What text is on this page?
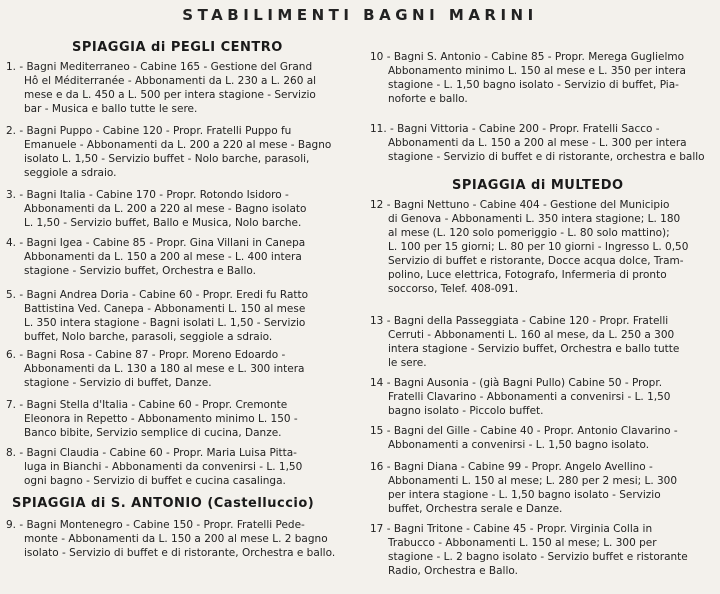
STABILIMENTI BAGNI MARINI
SPIAGGIA di PEGLI CENTRO
1. - Bagni Mediterraneo - Cabine 165 - Gestione del Grand
Hô el Méditerranée - Abbonamenti da L. 230 a L. 260 al
mese e da L. 450 a L. 500 per intera stagione - Servizio
bar - Musica e ballo tutte le sere.
2. - Bagni Puppo - Cabine 120 - Propr. Fratelli Puppo fu
Emanuele - Abbonamenti da L. 200 a 220 al mese - Bagno
isolato L. 1,50 - Servizio buffet - Nolo barche, parasoli,
seggiole a sdraio.
3. - Bagni Italia - Cabine 170 - Propr. Rotondo Isidoro -
Abbonamenti da L. 200 a 220 al mese - Bagno isolato
L. 1,50 - Servizio buffet, Ballo e Musica, Nolo barche.
4. - Bagni Igea - Cabine 85 - Propr. Gina Villani in Canepa
Abbonamenti da L. 150 a 200 al mese - L. 400 intera
stagione - Servizio buffet, Orchestra e Ballo.
5. - Bagni Andrea Doria - Cabine 60 - Propr. Eredi fu Ratto
Battistina Ved. Canepa - Abbonamenti L. 150 al mese
L. 350 intera stagione - Bagni isolati L. 1,50 - Servizio
buffet, Nolo barche, parasoli, seggiole a sdraio.
6. - Bagni Rosa - Cabine 87 - Propr. Moreno Edoardo -
Abbonamenti da L. 130 a 180 al mese e L. 300 intera
stagione - Servizio di buffet, Danze.
7. - Bagni Stella d'Italia - Cabine 60 - Propr. Cremonte
Eleonora in Repetto - Abbonamento minimo L. 150 -
Banco bibite, Servizio semplice di cucina, Danze.
8. - Bagni Claudia - Cabine 60 - Propr. Maria Luisa Pitta-
luga in Bianchi - Abbonamenti da convenirsi - L. 1,50
ogni bagno - Servizio di buffet e cucina casalinga.
SPIAGGIA di S. ANTONIO (Castelluccio)
9. - Bagni Montenegro - Cabine 150 - Propr. Fratelli Pede-
monte - Abbonamenti da L. 150 a 200 al mese L. 2 bagno
isolato - Servizio di buffet e di ristorante, Orchestra e ballo.
10 - Bagni S. Antonio - Cabine 85 - Propr. Merega Guglielmo
Abbonamento minimo L. 150 al mese e L. 350 per intera
stagione - L. 1,50 bagno isolato - Servizio di buffet, Pia-
noforte e ballo.
11. - Bagni Vittoria - Cabine 200 - Propr. Fratelli Sacco -
Abbonamenti da L. 150 a 200 al mese - L. 300 per intera
stagione - Servizio di buffet e di ristorante, orchestra e ballo
SPIAGGIA di MULTEDO
12 - Bagni Nettuno - Cabine 404 - Gestione del Municipio
di Genova - Abbonamenti L. 350 intera stagione; L. 180
al mese (L. 120 solo pomeriggio - L. 80 solo mattino);
L. 100 per 15 giorni; L. 80 per 10 giorni - Ingresso L. 0,50
Servizio di buffet e ristorante, Docce acqua dolce, Tram-
polino, Luce elettrica, Fotografo, Infermeria di pronto
soccorso, Telef. 408-091.
13 - Bagni della Passeggiata - Cabine 120 - Propr. Fratelli
Cerruti - Abbonamenti L. 160 al mese, da L. 250 a 300
intera stagione - Servizio buffet, Orchestra e ballo tutte
le sere.
14 - Bagni Ausonia - (già Bagni Pullo) Cabine 50 - Propr.
Fratelli Clavarino - Abbonamenti a convenirsi - L. 1,50
bagno isolato - Piccolo buffet.
15 - Bagni del Gille - Cabine 40 - Propr. Antonio Clavarino -
Abbonamenti a convenirsi - L. 1,50 bagno isolato.
16 - Bagni Diana - Cabine 99 - Propr. Angelo Avellino -
Abbonamenti L. 150 al mese; L. 280 per 2 mesi; L. 300
per intera stagione - L. 1,50 bagno isolato - Servizio
buffet, Orchestra serale e Danze.
17 - Bagni Tritone - Cabine 45 - Propr. Virginia Colla in
Trabucco - Abbonamenti L. 150 al mese; L. 300 per
stagione - L. 2 bagno isolato - Servizio buffet e ristorante
Radio, Orchestra e Ballo.
